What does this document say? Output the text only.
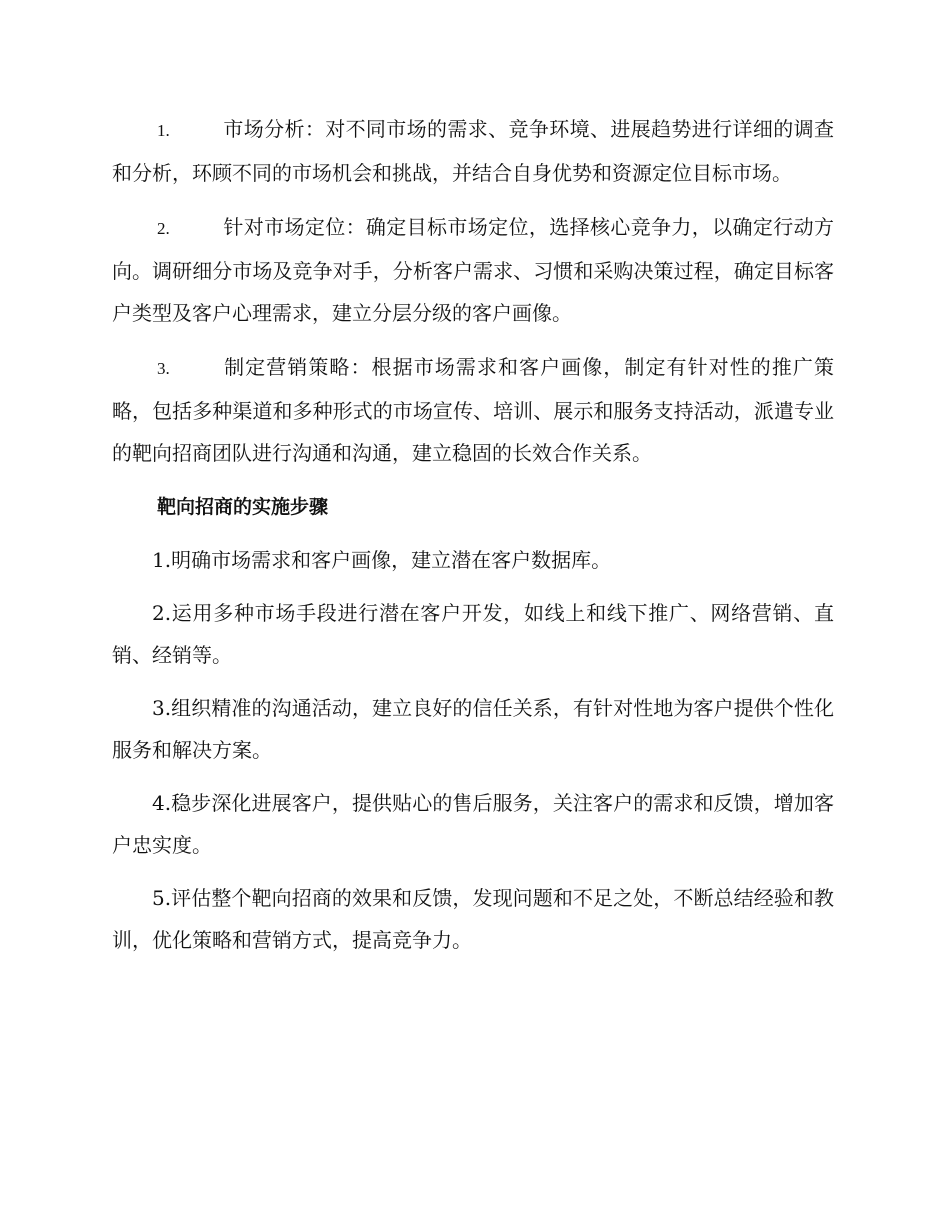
1.	市场分析：对不同市场的需求、竞争环境、进展趋势进行详细的调查和分析，环顾不同的市场机会和挑战，并结合自身优势和资源定位目标市场。

2.	针对市场定位：确定目标市场定位，选择核心竞争力，以确定行动方向。调研细分市场及竞争对手，分析客户需求、习惯和采购决策过程，确定目标客户类型及客户心理需求，建立分层分级的客户画像。

3.	制定营销策略：根据市场需求和客户画像，制定有针对性的推广策略，包括多种渠道和多种形式的市场宣传、培训、展示和服务支持活动，派遣专业的靶向招商团队进行沟通和沟通，建立稳固的长效合作关系。

靶向招商的实施步骤

1.明确市场需求和客户画像，建立潜在客户数据库。

2.运用多种市场手段进行潜在客户开发，如线上和线下推广、网络营销、直销、经销等。

3.组织精准的沟通活动，建立良好的信任关系，有针对性地为客户提供个性化服务和解决方案。

4.稳步深化进展客户，提供贴心的售后服务，关注客户的需求和反馈，增加客户忠实度。

5.评估整个靶向招商的效果和反馈，发现问题和不足之处，不断总结经验和教训，优化策略和营销方式，提高竞争力。
